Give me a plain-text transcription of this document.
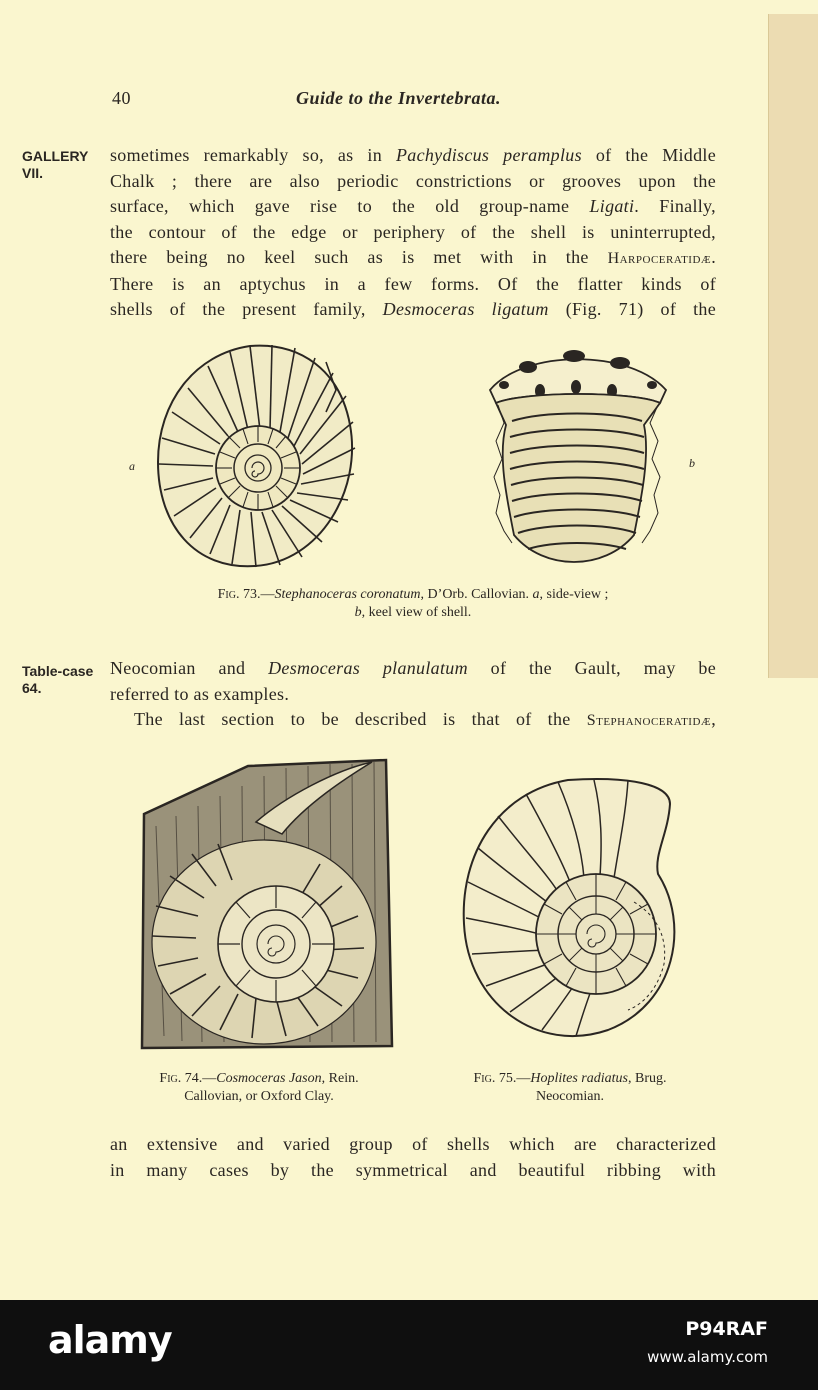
40	Guide to the Invertebrata.
GALLERY VII.
sometimes remarkably so, as in Pachydiscus peramplus of the Middle
Chalk ; there are also periodic constrictions or grooves upon the
surface, which gave rise to the old group-name Ligati. Finally,
the contour of the edge or periphery of the shell is uninterrupted,
there being no keel such as is met with in the Harpoceratidæ.
There is an aptychus in a few forms. Of the flatter kinds of
shells of the present family, Desmoceras ligatum (Fig. 71) of the
a	b
Fig. 73.—Stephanoceras coronatum, D’Orb. Callovian. a, side-view ;
b, keel view of shell.
Table-case 64.
Neocomian and Desmoceras planulatum of the Gault, may be
referred to as examples.
The last section to be described is that of the Stephanoceratidæ,
Fig. 74.—Cosmoceras Jason, Rein.
Callovian, or Oxford Clay.
Fig. 75.—Hoplites radiatus, Brug.
Neocomian.
an extensive and varied group of shells which are characterized
in many cases by the symmetrical and beautiful ribbing with
alamy	P94RAF
www.alamy.com
